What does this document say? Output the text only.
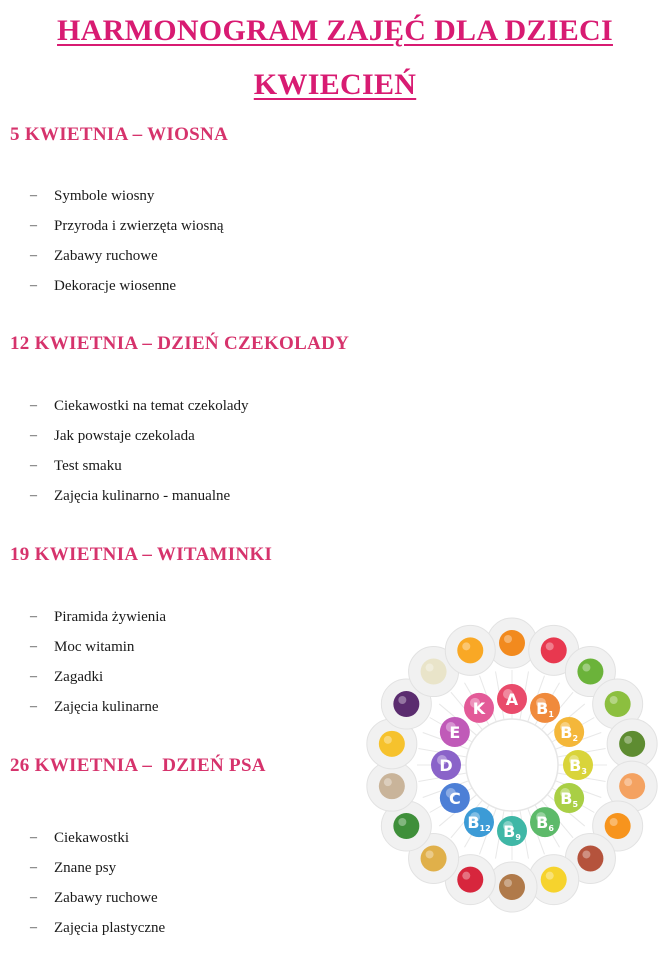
HARMONOGRAM ZAJĘĆ DLA DZIECI
KWIECIEŃ
5 KWIETNIA – WIOSNA
– Symbole wiosny
– Przyroda i zwierzęta wiosną
– Zabawy ruchowe
– Dekoracje wiosenne
12 KWIETNIA – DZIEŃ CZEKOLADY
– Ciekawostki na temat czekolady
– Jak powstaje czekolada
– Test smaku
– Zajęcia kulinarno - manualne
19 KWIETNIA – WITAMINKI
– Piramida żywienia
– Moc witamin
– Zagadki
– Zajęcia kulinarne
26 KWIETNIA –  DZIEŃ PSA
– Ciekawostki
– Znane psy
– Zabawy ruchowe
– Zajęcia plastyczne
A B1
B2
B3
B5
B6
B9
B12
C
D
E
K
